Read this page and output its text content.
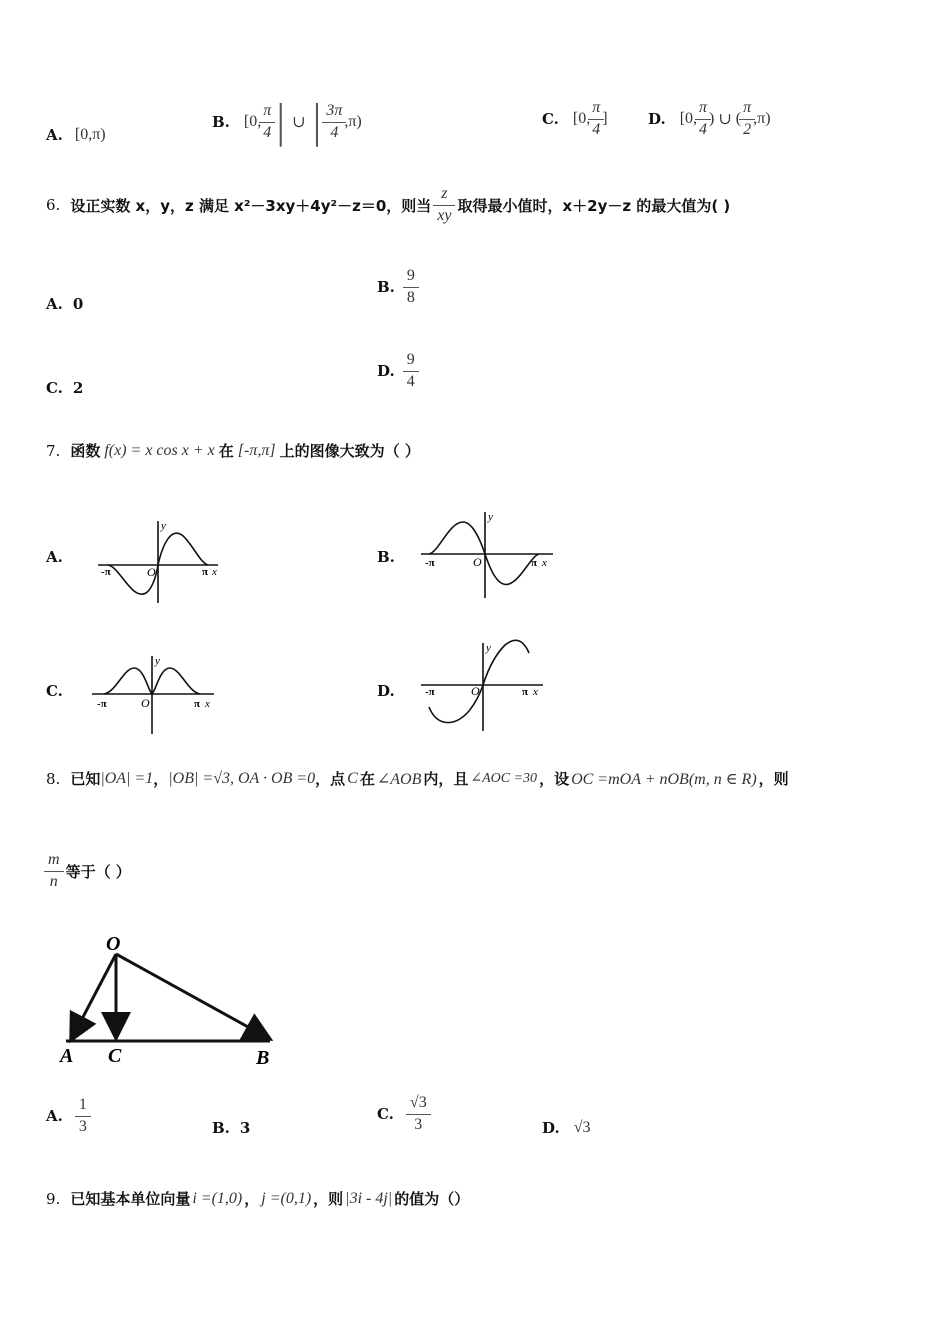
A. [0,π)
B. [0, $\frac{\pi}{4}$ | ∪ | $\frac{3\pi}{4} ,\pi$)	C. [0, $\frac{\pi}{4}$ ]	D. [0, $\frac{\pi}{4}$ ) ∪ ( $\frac{\pi}{2} ,\pi$)
6. 设正实数 x，y，z 满足 x²－3xy＋4y²－z＝0，则当 $\frac{z}{xy}$ 取得最小值时，x＋2y－z 的最大值为( )
A. 0
B. $\frac{9}{8}$
C. 2
D. $\frac{9}{4}$
7. 函数 f(x) = x cos x + x 在 [-π,π] 上的图像大致为（ ）
A.
y
-π	O	π x
B.
y
-π	O	π x
C.
y
-π	O	π x
D.
y
-π	O	π x
8. 已知 |OA| =1 ， |OB| =√3, OA · OB =0 ，点 C 在 ∠AOB 内，且 ∠AOC =30 ，设 OC =mOA + nOB(m, n ∈ R) ，则
$\frac{m}{n}$ 等于（ ）
O
A C	B
A. $\frac{1}{3}$	B. 3
C. $\frac{√3}{3}$	D. √3
9. 已知基本单位向量 i =(1,0) ， j =(0,1) ，则 |3i - 4j| 的值为（）
